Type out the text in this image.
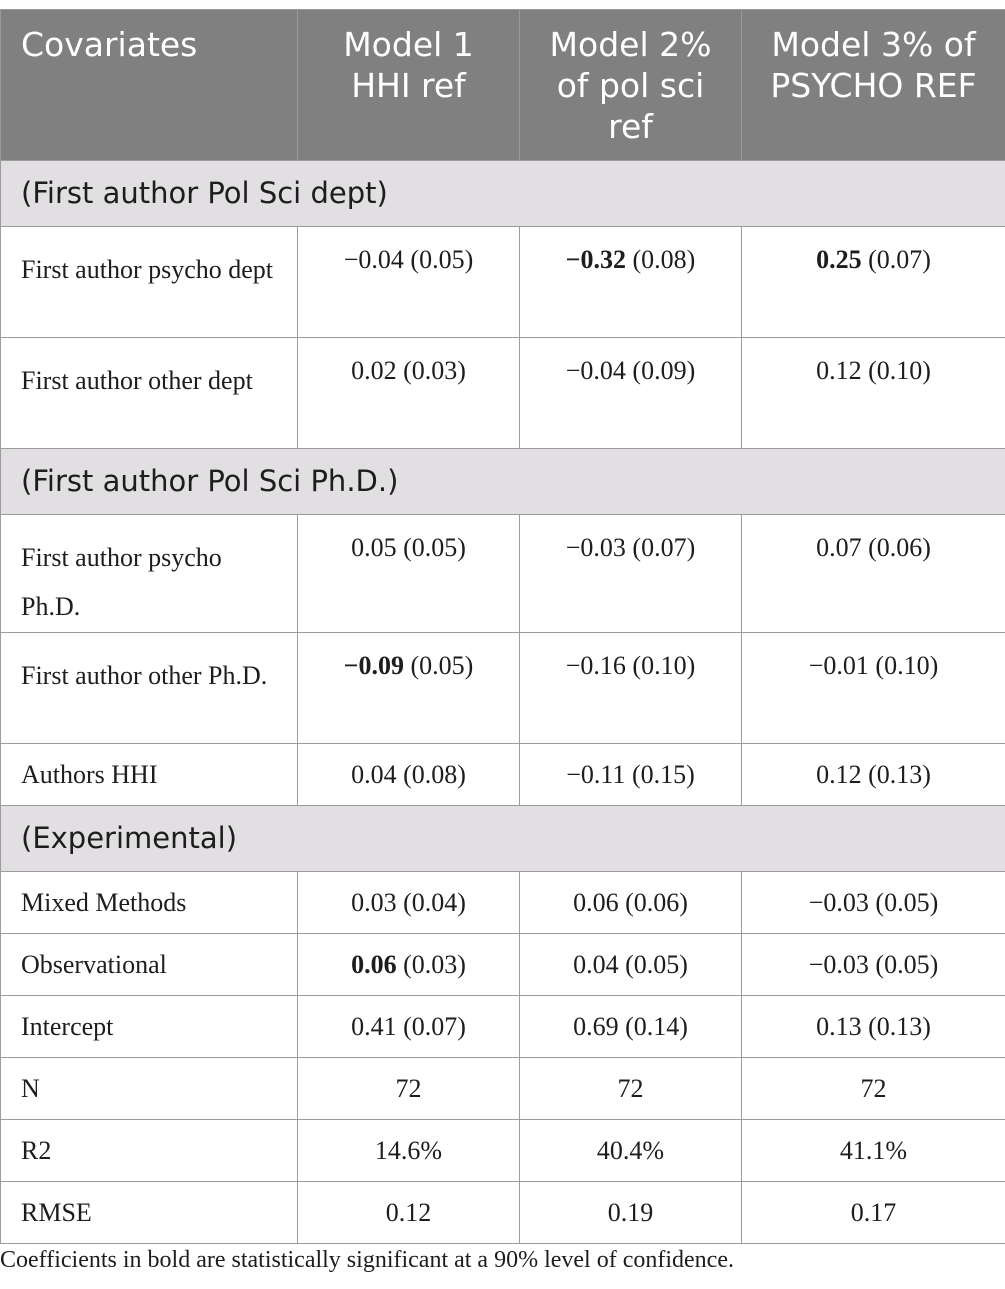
Covariates	Model 1 HHI ref	Model 2% of pol sci ref	Model 3% of PSYCHO REF
(First author Pol Sci dept)			
First author psycho dept	−0.04 (0.05)	−0.32 (0.08)	0.25 (0.07)
First author other dept	0.02 (0.03)	−0.04 (0.09)	0.12 (0.10)
(First author Pol Sci Ph.D.)			
First author psycho Ph.D.	0.05 (0.05)	−0.03 (0.07)	0.07 (0.06)
First author other Ph.D.	−0.09 (0.05)	−0.16 (0.10)	−0.01 (0.10)
Authors HHI	0.04 (0.08)	−0.11 (0.15)	0.12 (0.13)
(Experimental)			
Mixed Methods	0.03 (0.04)	0.06 (0.06)	−0.03 (0.05)
Observational	0.06 (0.03)	0.04 (0.05)	−0.03 (0.05)
Intercept	0.41 (0.07)	0.69 (0.14)	0.13 (0.13)
N	72	72	72
R2	14.6%	40.4%	41.1%
RMSE	0.12	0.19	0.17
Coefficients in bold are statistically significant at a 90% level of confidence.
